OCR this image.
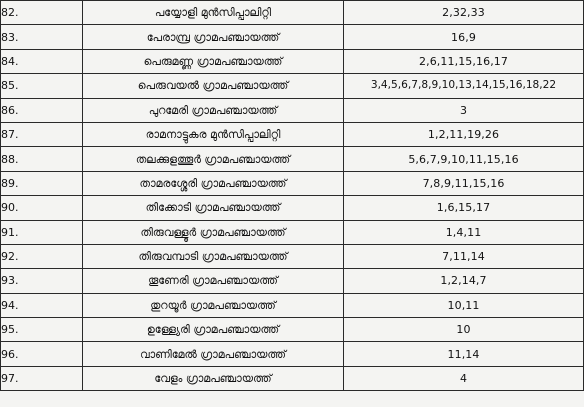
82.	പയ്യോളി മുൻസിപ്പാലിറ്റി	2,32,33
83.	പേരാമ്പ്ര ഗ്രാമപഞ്ചായത്ത്	16,9
84.	പെരുമണ്ണ ഗ്രാമപഞ്ചായത്ത്	2,6,11,15,16,17
85.	പെരുവയൽ ഗ്രാമപഞ്ചായത്ത്	3,4,5,6,7,8,9,10,13,14,15,16,18,22
86.	പുറമേരി ഗ്രാമപഞ്ചായത്ത്	3
87.	രാമനാട്ടുകര മുൻസിപ്പാലിറ്റി	1,2,11,19,26
88.	തലക്കുളത്തൂർ ഗ്രാമപഞ്ചായത്ത്	5,6,7,9,10,11,15,16
89.	താമരശ്ശേരി ഗ്രാമപഞ്ചായത്ത്	7,8,9,11,15,16
90.	തിക്കോടി ഗ്രാമപഞ്ചായത്ത്	1,6,15,17
91.	തിരുവള്ളൂർ ഗ്രാമപഞ്ചായത്ത്	1,4,11
92.	തിരുവമ്പാടി ഗ്രാമപഞ്ചായത്ത്	7,11,14
93.	തൂണേരി ഗ്രാമപഞ്ചായത്ത്	1,2,14,7
94.	തുറയൂർ ഗ്രാമപഞ്ചായത്ത്	10,11
95.	ഉള്ള്യേരി ഗ്രാമപഞ്ചായത്ത്	10
96.	വാണിമേൽ ഗ്രാമപഞ്ചായത്ത്	11,14
97.	വേളം ഗ്രാമപഞ്ചായത്ത്	4
